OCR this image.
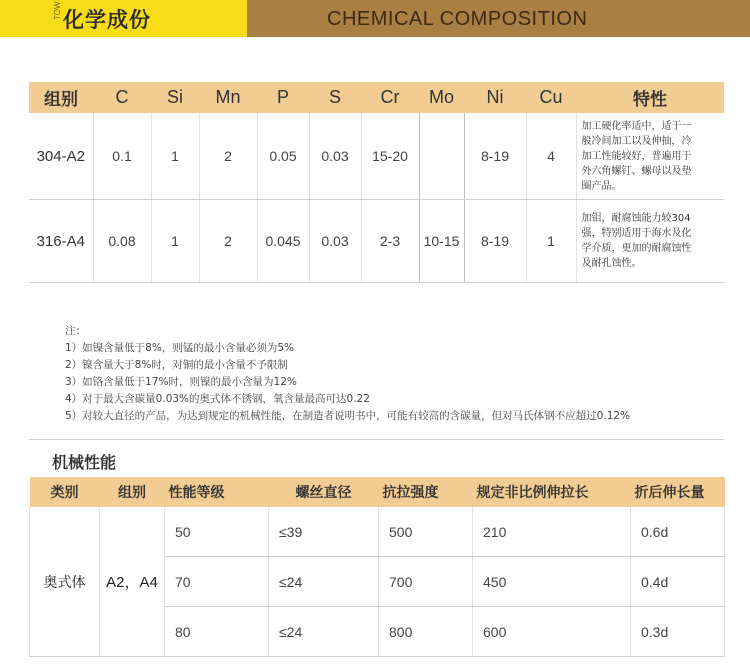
TOW 化学成份	CHEMICAL COMPOSITION
组别	C	Si	Mn	P	S	Cr	Mo	Ni	Cu	特性
304-A2	0.1	1	2	0.05	0.03	15-20		8-19	4	加工硬化率适中，适于一
般冷间加工以及伸抽，冷
加工性能较好，普遍用于
外六角螺钉、螺母以及垫
圈产品。

316-A4	0.08	1	2	0.045	0.03	2-3	10-15	8-19	1	加钼，耐腐蚀能力较304
强，特别适用于海水及化
学介质，更加的耐腐蚀性
及耐孔蚀性。
注：
1）如镍含量低于8%，则锰的最小含量必须为5%
2）镍含量大于8%时，对铜的最小含量不予限制
3）如铬含量低于17%时，则镍的最小含量为12%
4）对于最大含碳量0.03%的奥式体不锈钢，氧含量最高可达0.22
5）对较大直径的产品，为达到规定的机械性能，在制造者说明书中，可能有较高的含碳量，但对马氏体钢不应超过0.12%
机械性能
类别	组别	性能等级	螺丝直径	抗拉强度	规定非比例伸拉长	折后伸长量
奥式体	A2，A4	50	≤39	500	210	0.6d
		70	≤24	700	450	0.4d
		80	≤24	800	600	0.3d
